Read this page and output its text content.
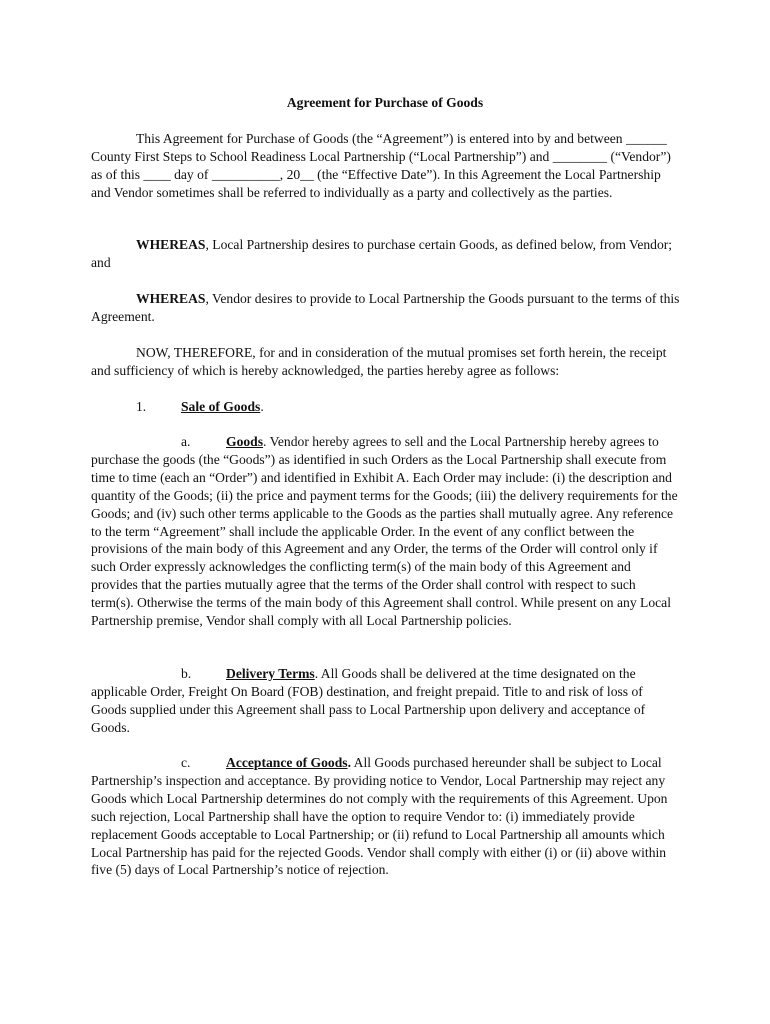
Agreement for Purchase of Goods

This Agreement for Purchase of Goods (the “Agreement”) is entered into by and between ______ County First Steps to School Readiness Local Partnership (“Local Partnership”) and ________ (“Vendor”) as of this ____ day of __________, 20__ (the “Effective Date”). In this Agreement the Local Partnership and Vendor sometimes shall be referred to individually as a party and collectively as the parties.

WHEREAS, Local Partnership desires to purchase certain Goods, as defined below, from Vendor; and

WHEREAS, Vendor desires to provide to Local Partnership the Goods pursuant to the terms of this Agreement.

NOW, THEREFORE, for and in consideration of the mutual promises set forth herein, the receipt and sufficiency of which is hereby acknowledged, the parties hereby agree as follows:

1.	Sale of Goods.

a.	Goods. Vendor hereby agrees to sell and the Local Partnership hereby agrees to purchase the goods (the “Goods”) as identified in such Orders as the Local Partnership shall execute from time to time (each an “Order”) and identified in Exhibit A. Each Order may include: (i) the description and quantity of the Goods; (ii) the price and payment terms for the Goods; (iii) the delivery requirements for the Goods; and (iv) such other terms applicable to the Goods as the parties shall mutually agree. Any reference to the term “Agreement” shall include the applicable Order. In the event of any conflict between the provisions of the main body of this Agreement and any Order, the terms of the Order will control only if such Order expressly acknowledges the conflicting term(s) of the main body of this Agreement and provides that the parties mutually agree that the terms of the Order shall control with respect to such term(s). Otherwise the terms of the main body of this Agreement shall control. While present on any Local Partnership premise, Vendor shall comply with all Local Partnership policies.

b.	Delivery Terms. All Goods shall be delivered at the time designated on the applicable Order, Freight On Board (FOB) destination, and freight prepaid. Title to and risk of loss of Goods supplied under this Agreement shall pass to Local Partnership upon delivery and acceptance of Goods.

c.	Acceptance of Goods. All Goods purchased hereunder shall be subject to Local Partnership’s inspection and acceptance. By providing notice to Vendor, Local Partnership may reject any Goods which Local Partnership determines do not comply with the requirements of this Agreement. Upon such rejection, Local Partnership shall have the option to require Vendor to: (i) immediately provide replacement Goods acceptable to Local Partnership; or (ii) refund to Local Partnership all amounts which Local Partnership has paid for the rejected Goods. Vendor shall comply with either (i) or (ii) above within five (5) days of Local Partnership’s notice of rejection.
